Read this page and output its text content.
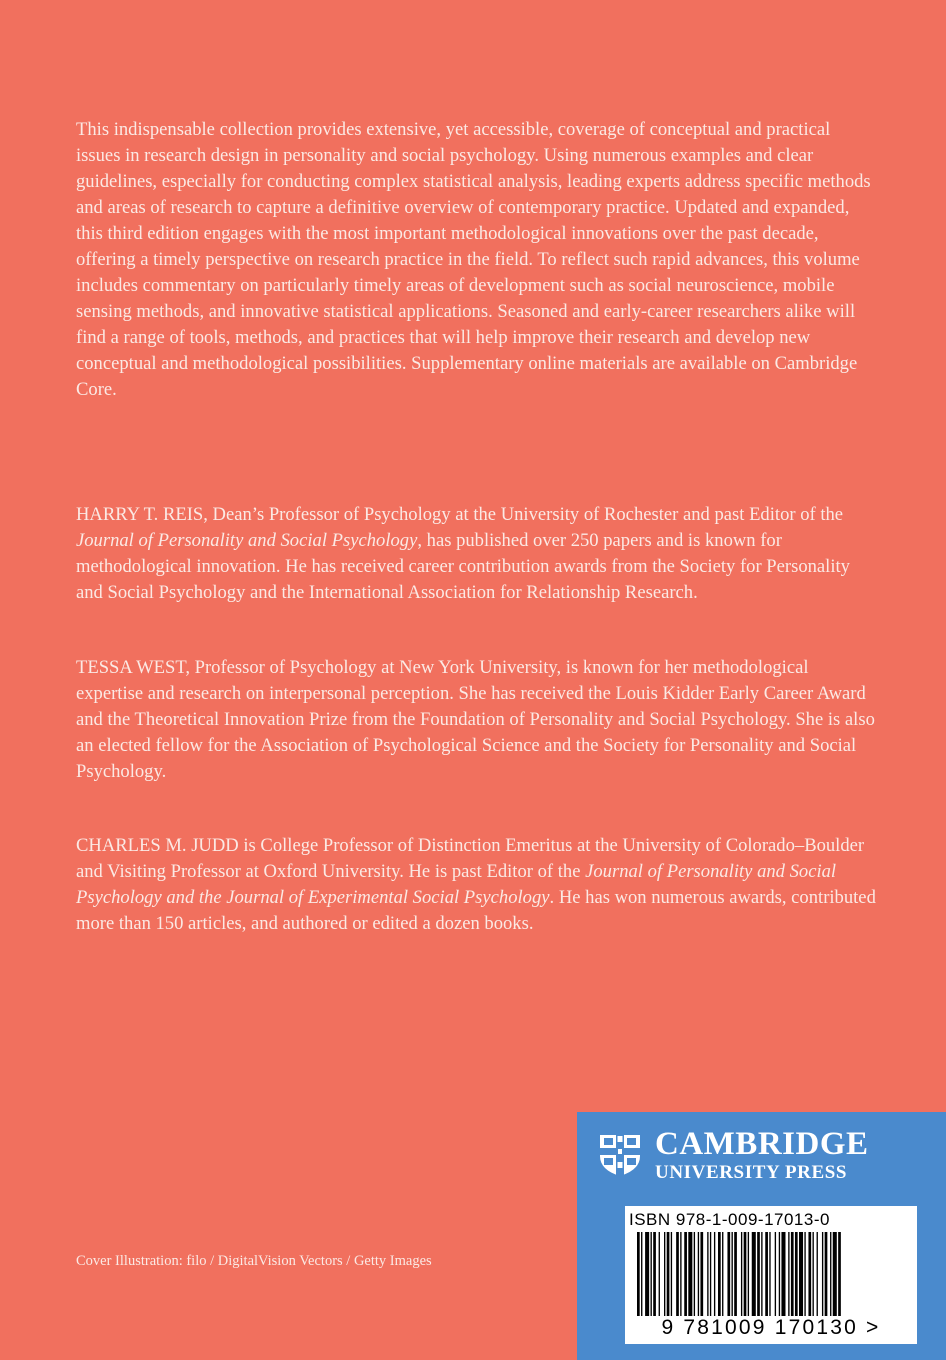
This indispensable collection provides extensive, yet accessible, coverage of conceptual and practical issues in research design in personality and social psychology. Using numerous examples and clear guidelines, especially for conducting complex statistical analysis, leading experts address specific methods and areas of research to capture a definitive overview of contemporary practice. Updated and expanded, this third edition engages with the most important methodological innovations over the past decade, offering a timely perspective on research practice in the field. To reflect such rapid advances, this volume includes commentary on particularly timely areas of development such as social neuroscience, mobile sensing methods, and innovative statistical applications. Seasoned and early-career researchers alike will find a range of tools, methods, and practices that will help improve their research and develop new conceptual and methodological possibilities. Supplementary online materials are available on Cambridge Core.

HARRY T. REIS, Dean’s Professor of Psychology at the University of Rochester and past Editor of the Journal of Personality and Social Psychology, has published over 250 papers and is known for methodological innovation. He has received career contribution awards from the Society for Personality and Social Psychology and the International Association for Relationship Research.

TESSA WEST, Professor of Psychology at New York University, is known for her methodological expertise and research on interpersonal perception. She has received the Louis Kidder Early Career Award and the Theoretical Innovation Prize from the Foundation of Personality and Social Psychology. She is also an elected fellow for the Association of Psychological Science and the Society for Personality and Social Psychology.

CHARLES M. JUDD is College Professor of Distinction Emeritus at the University of Colorado–Boulder and Visiting Professor at Oxford University. He is past Editor of the Journal of Personality and Social Psychology and the Journal of Experimental Social Psychology. He has won numerous awards, contributed more than 150 articles, and authored or edited a dozen books.

Cover Illustration: filo / DigitalVision Vectors / Getty Images
CAMBRIDGE
UNIVERSITY PRESS
ISBN 978-1-009-17013-0
9 781009 170130 >
